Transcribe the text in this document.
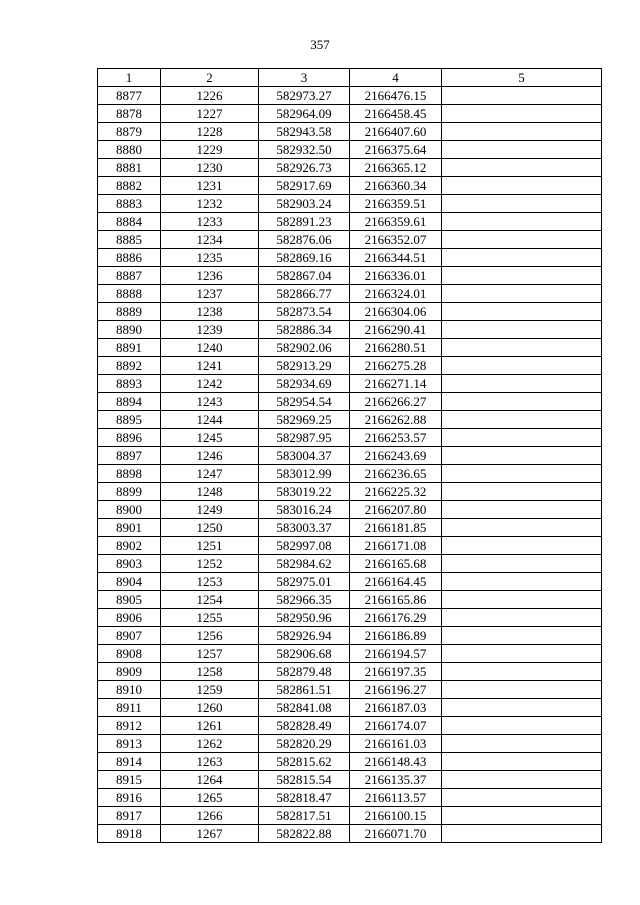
357
1	2	3	4	5
8877	1226	582973.27	2166476.15	
8878	1227	582964.09	2166458.45	
8879	1228	582943.58	2166407.60	
8880	1229	582932.50	2166375.64	
8881	1230	582926.73	2166365.12	
8882	1231	582917.69	2166360.34	
8883	1232	582903.24	2166359.51	
8884	1233	582891.23	2166359.61	
8885	1234	582876.06	2166352.07	
8886	1235	582869.16	2166344.51	
8887	1236	582867.04	2166336.01	
8888	1237	582866.77	2166324.01	
8889	1238	582873.54	2166304.06	
8890	1239	582886.34	2166290.41	
8891	1240	582902.06	2166280.51	
8892	1241	582913.29	2166275.28	
8893	1242	582934.69	2166271.14	
8894	1243	582954.54	2166266.27	
8895	1244	582969.25	2166262.88	
8896	1245	582987.95	2166253.57	
8897	1246	583004.37	2166243.69	
8898	1247	583012.99	2166236.65	
8899	1248	583019.22	2166225.32	
8900	1249	583016.24	2166207.80	
8901	1250	583003.37	2166181.85	
8902	1251	582997.08	2166171.08	
8903	1252	582984.62	2166165.68	
8904	1253	582975.01	2166164.45	
8905	1254	582966.35	2166165.86	
8906	1255	582950.96	2166176.29	
8907	1256	582926.94	2166186.89	
8908	1257	582906.68	2166194.57	
8909	1258	582879.48	2166197.35	
8910	1259	582861.51	2166196.27	
8911	1260	582841.08	2166187.03	
8912	1261	582828.49	2166174.07	
8913	1262	582820.29	2166161.03	
8914	1263	582815.62	2166148.43	
8915	1264	582815.54	2166135.37	
8916	1265	582818.47	2166113.57	
8917	1266	582817.51	2166100.15	
8918	1267	582822.88	2166071.70	
